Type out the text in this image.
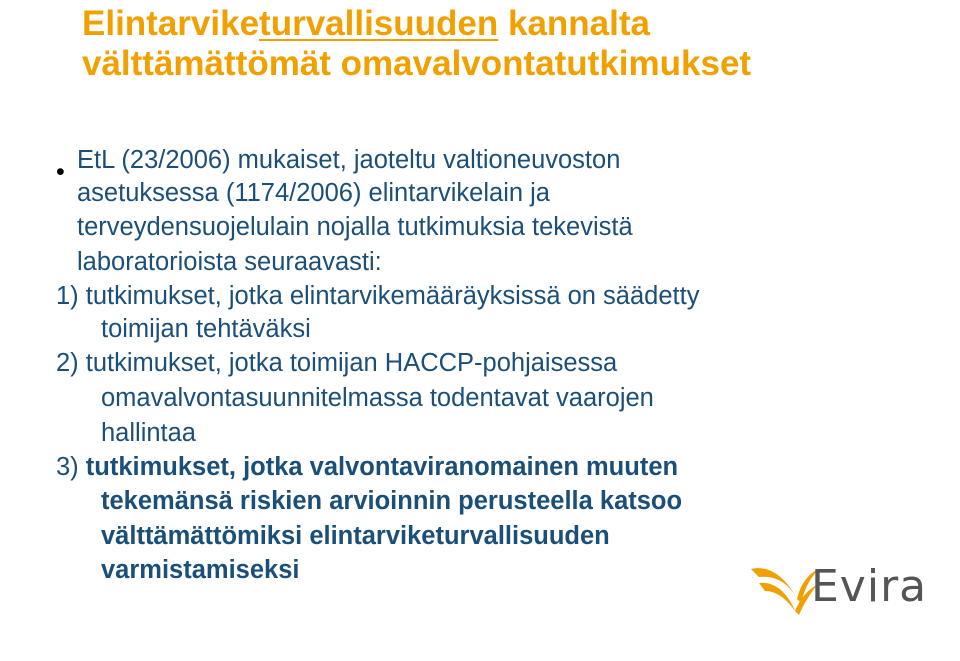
Elintarviketurvallisuuden kannalta
välttämättömät omavalvontatutkimukset
• EtL (23/2006) mukaiset, jaoteltu valtioneuvoston
asetuksessa (1174/2006) elintarvikelain ja
terveydensuojelulain nojalla tutkimuksia tekevistä
laboratorioista seuraavasti:
1) tutkimukset, jotka elintarvikemääräyksissä on säädetty
toimijan tehtäväksi
2) tutkimukset, jotka toimijan HACCP-pohjaisessa
omavalvontasuunnitelmassa todentavat vaarojen
hallintaa
3) tutkimukset, jotka valvontaviranomainen muuten
tekemänsä riskien arvioinnin perusteella katsoo
välttämättömiksi elintarviketurvallisuuden
varmistamiseksi	Evira
